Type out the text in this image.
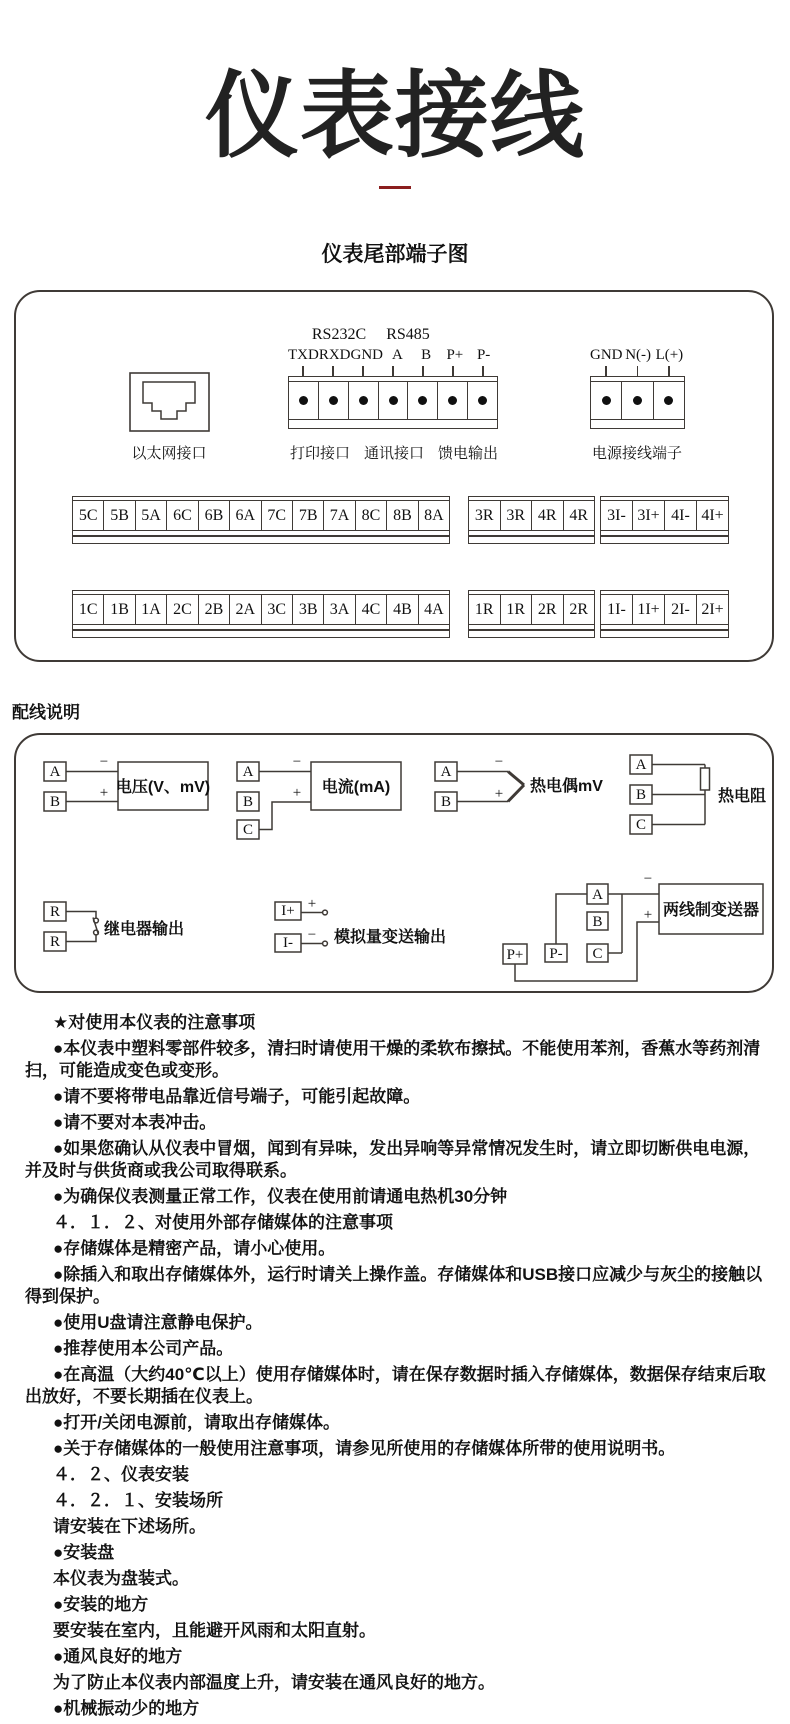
仪表接线
仪表尾部端子图
以太网接口
RS232C	RS485
TXD RXD GND A	B	P+ P-
打印接口 通讯接口 馈电输出
GND N(-) L(+)
电源接线端子
5C 5B 5A 6C 6B 6A 7C 7B 7A 8C 8B 8A	3R 3R 4R 4R	3I- 3I+ 4I- 4I+
1C 1B 1A 2C 2B 2A 3C 3B 3A 4C 4B 4A	1R 1R 2R 2R	1I- 1I+ 2I- 2I+
配线说明
A
B
−
+ 电压(V、mV)
A
B
C
−
+ 电流(mA)
A
B
−
+ 热电偶mV
A
B
C
热电阻
R
R
继电器输出
I+
I-
+
− 模拟量变送输出
A
B
C
P+ P-
−
+ 两线制变送器
★对使用本仪表的注意事项
●本仪表中塑料零部件较多，清扫时请使用干燥的柔软布擦拭。不能使用苯剂，香蕉水等药剂清扫，可能造成变色或变形。
●请不要将带电品靠近信号端子，可能引起故障。
●请不要对本表冲击。
●如果您确认从仪表中冒烟，闻到有异味，发出异响等异常情况发生时，请立即切断供电电源，并及时与供货商或我公司取得联系。
●为确保仪表测量正常工作，仪表在使用前请通电热机30分钟
４．１．２、对使用外部存储媒体的注意事项
●存储媒体是精密产品，请小心使用。
●除插入和取出存储媒体外，运行时请关上操作盖。存储媒体和USB接口应减少与灰尘的接触以得到保护。
●使用U盘请注意静电保护。
●推荐使用本公司产品。
●在高温（大约40℃以上）使用存储媒体时，请在保存数据时插入存储媒体，数据保存结束后取出放好，不要长期插在仪表上。
●打开/关闭电源前，请取出存储媒体。
●关于存储媒体的一般使用注意事项，请参见所使用的存储媒体所带的使用说明书。
４．２、仪表安装
４．２．１、安装场所
请安装在下述场所。
●安装盘
本仪表为盘装式。
●安装的地方
要安装在室内，且能避开风雨和太阳直射。
●通风良好的地方
为了防止本仪表内部温度上升，请安装在通风良好的地方。
●机械振动少的地方
